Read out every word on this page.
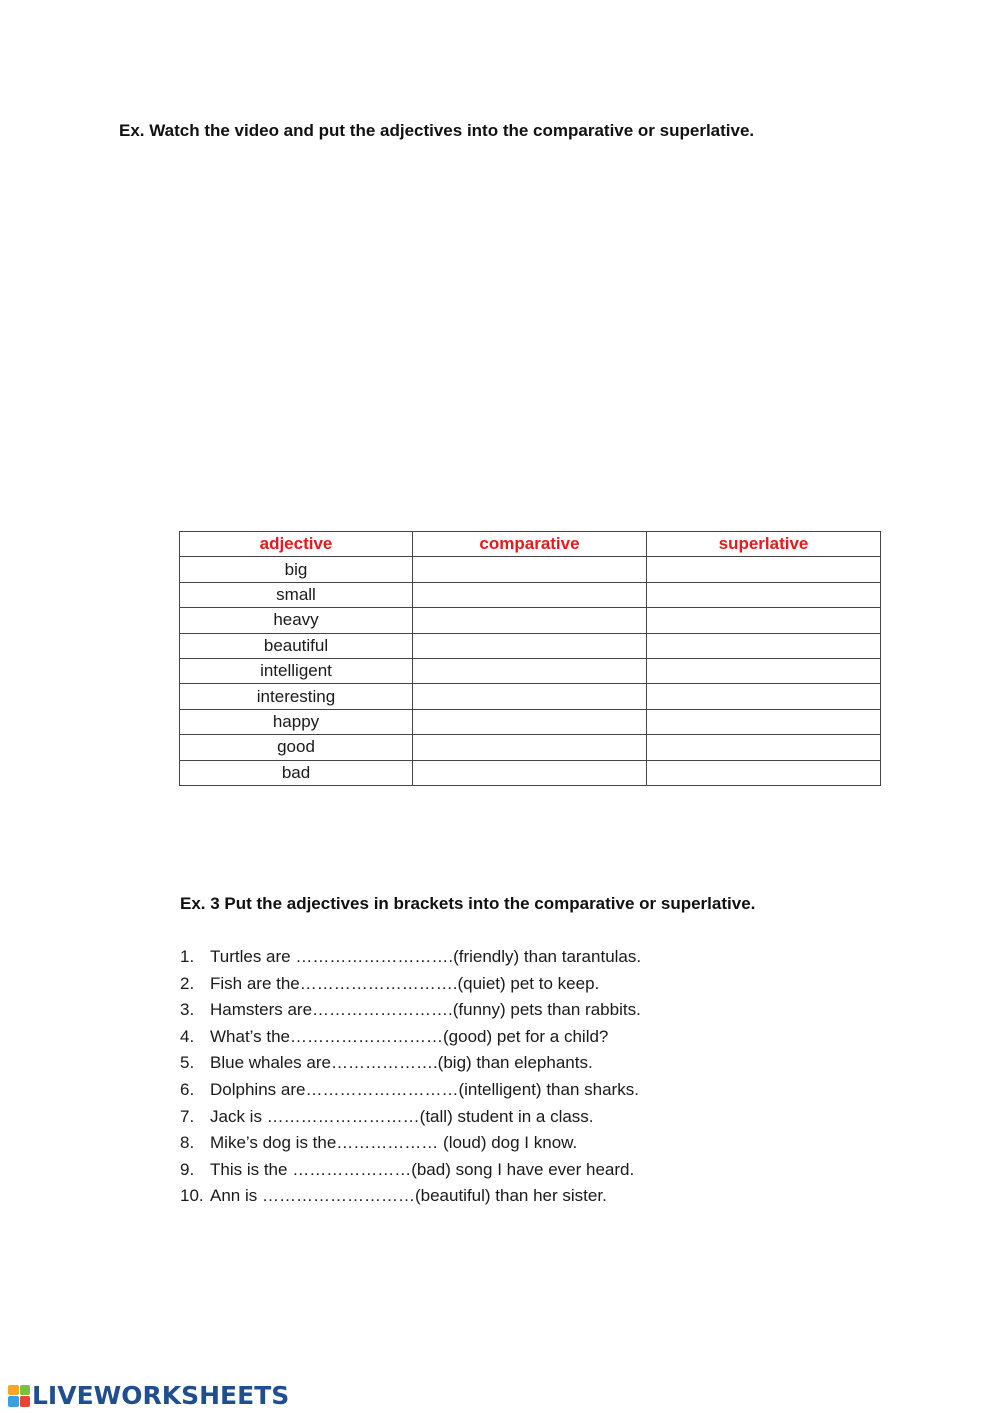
Ex. Watch the video and put the adjectives into the comparative or superlative.
adjective	comparative	superlative
big		
small		
heavy		
beautiful		
intelligent		
interesting		
happy		
good		
bad		
Ex. 3 Put the adjectives in brackets into the comparative or superlative.
1. Turtles are ……………………….(friendly) than tarantulas.
2. Fish are the……………………….(quiet) pet to keep.
3. Hamsters are…………………….(funny) pets than rabbits.
4. What’s the………………………(good) pet for a child?
5. Blue whales are……………….(big) than elephants.
6. Dolphins are………………………(intelligent) than sharks.
7. Jack is ………………………(tall) student in a class.
8. Mike’s dog is the……………… (loud) dog I know.
9. This is the …………………(bad) song I have ever heard.
10. Ann is ………………………(beautiful) than her sister.
LIVEWORKSHEETS
